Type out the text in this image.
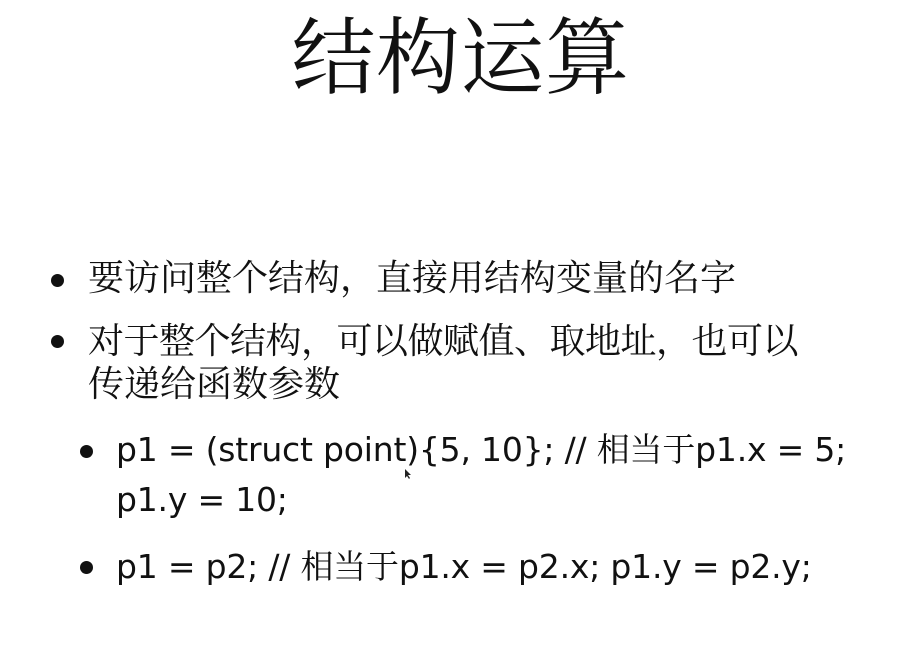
结构运算
要访问整个结构，直接用结构变量的名字
对于整个结构，可以做赋值、取地址，也可以
传递给函数参数
p1 = (struct point){5, 10}; // 相当于p1.x = 5;
p1.y = 10;
p1 = p2; // 相当于p1.x = p2.x; p1.y = p2.y;
